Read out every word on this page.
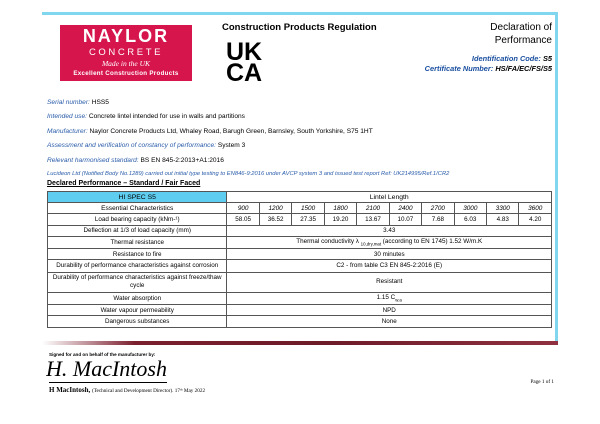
NAYLOR
CONCRETE
Made in the UK
Excellent Construction Products
UK
CA
Construction Products Regulation	Declaration of
Performance
Identification Code: S5
Certificate Number: HS/FA/EC/FS/S5
Serial number: HSS5
Intended use: Concrete lintel intended for use in walls and partitions
Manufacturer: Naylor Concrete Products Ltd, Whaley Road, Barugh Green, Barnsley, South Yorkshire, S75 1HT
Assessment and verification of constancy of performance: System 3
Relevant harmonised standard: BS EN 845-2:2013+A1:2016
Lucideon Ltd (Notified Body No.1289) carried out initial type testing to EN846-9:2016 under AVCP system 3 and issued test report Ref: UK214995/Ref.1/CR2
Declared Performance – Standard / Fair Faced
HI SPEC S5	Lintel Length									
Essential Characteristics	900	1200	1500	1800	2100	2400	2700	3000	3300	3600
Load bearing capacity (kNm-¹)	58.05	36.52	27.35	19.20	13.67	10.07	7.68	6.03	4.83	4.20
Deflection at 1/3 of load capacity (mm)	3.43									
Thermal resistance	Thermal conductivity λ $_{10,dry,mat}$ (according to EN 1745) 1.52 W/m.K									
Resistance to fire	30 minutes									
Durability of performance characteristics against corrosion	C2 - from table C3 EN 845-2:2016 (E)									
Durability of performance characteristics against freeze/thaw cycle	Resistant									
Water absorption	1.15 $C_{w.a}$
Water vapour permeability	NPD									
Dangerous substances	None									
Signed for and on behalf of the manufacturer by:
H. MacIntosh
H MacIntosh, (Technical and Development Director). 17ᵗʰ May 2022
Page 1 of 1
